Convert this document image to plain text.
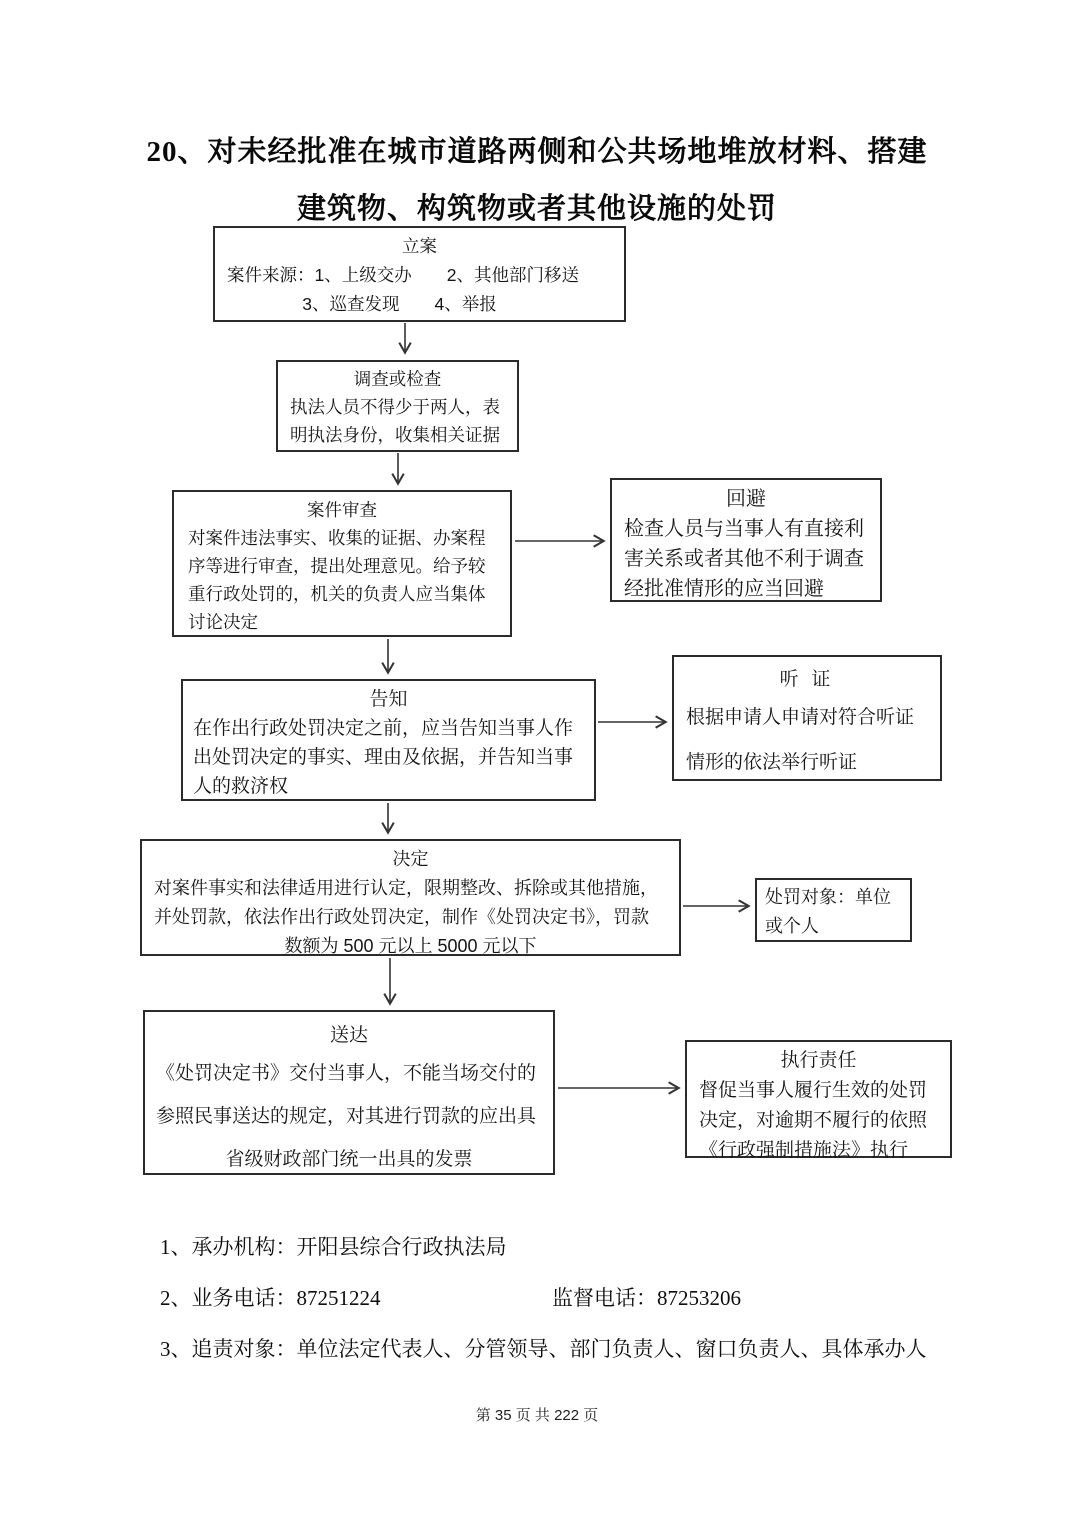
20、对未经批准在城市道路两侧和公共场地堆放材料、搭建
建筑物、构筑物或者其他设施的处罚
立案
案件来源：1、上级交办　　2、其他部门移送
3、巡查发现　　4、举报
调查或检查
执法人员不得少于两人，表明执法身份，收集相关证据
案件审查
对案件违法事实、收集的证据、办案程序等进行审查，提出处理意见。给予较重行政处罚的，机关的负责人应当集体讨论决定
回避
检查人员与当事人有直接利害关系或者其他不利于调查经批准情形的应当回避
告知
在作出行政处罚决定之前，应当告知当事人作出处罚决定的事实、理由及依据，并告知当事人的救济权
听 证
根据申请人申请对符合听证
情形的依法举行听证
决定
对案件事实和法律适用进行认定，限期整改、拆除或其他措施，并处罚款，依法作出行政处罚决定，制作《处罚决定书》，罚款
数额为 500 元以上 5000 元以下
处罚对象：单位或个人
送达
《处罚决定书》交付当事人，不能当场交付的
参照民事送达的规定，对其进行罚款的应出具
省级财政部门统一出具的发票
执行责任
督促当事人履行生效的处罚决定，对逾期不履行的依照《行政强制措施法》执行
1、承办机构：开阳县综合行政执法局
2、业务电话：87251224	监督电话：87253206
3、追责对象：单位法定代表人、分管领导、部门负责人、窗口负责人、具体承办人
第 35 页 共 222 页
